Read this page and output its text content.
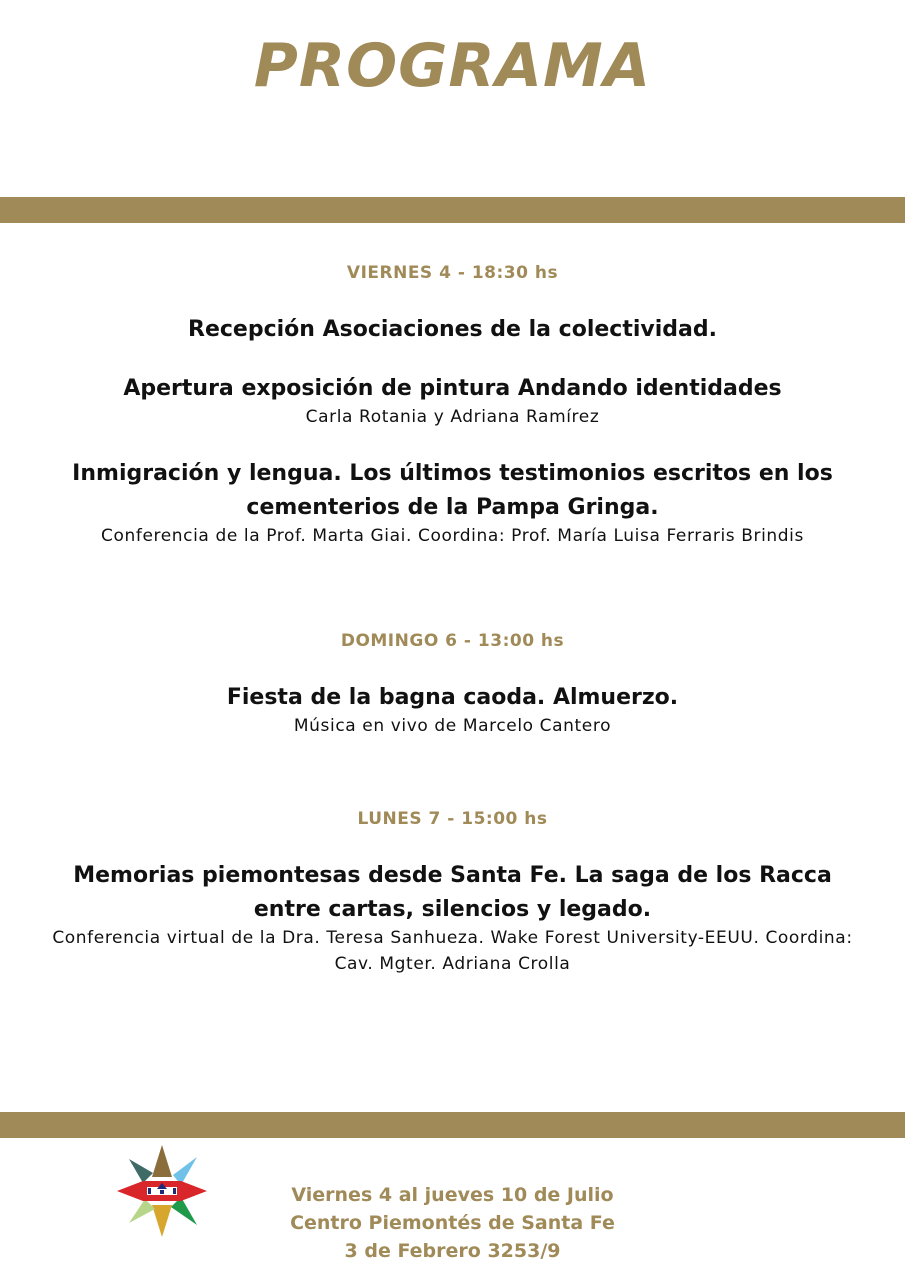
PROGRAMA
VIERNES 4 - 18:30 hs
Recepción Asociaciones de la colectividad.
Apertura exposición de pintura Andando identidades
Carla Rotania y Adriana Ramírez
Inmigración y lengua. Los últimos testimonios escritos en los cementerios de la Pampa Gringa.
Conferencia de la Prof. Marta Giai. Coordina: Prof. María Luisa Ferraris Brindis
DOMINGO 6 - 13:00 hs
Fiesta de la bagna caoda. Almuerzo.
Música en vivo de Marcelo Cantero
LUNES 7 - 15:00 hs
Memorias piemontesas desde Santa Fe. La saga de los Racca entre cartas, silencios y legado.
Conferencia virtual de la Dra. Teresa Sanhueza. Wake Forest University-EEUU. Coordina: Cav. Mgter. Adriana Crolla
Viernes 4 al jueves 10 de Julio
Centro Piemontés de Santa Fe
3 de Febrero 3253/9
